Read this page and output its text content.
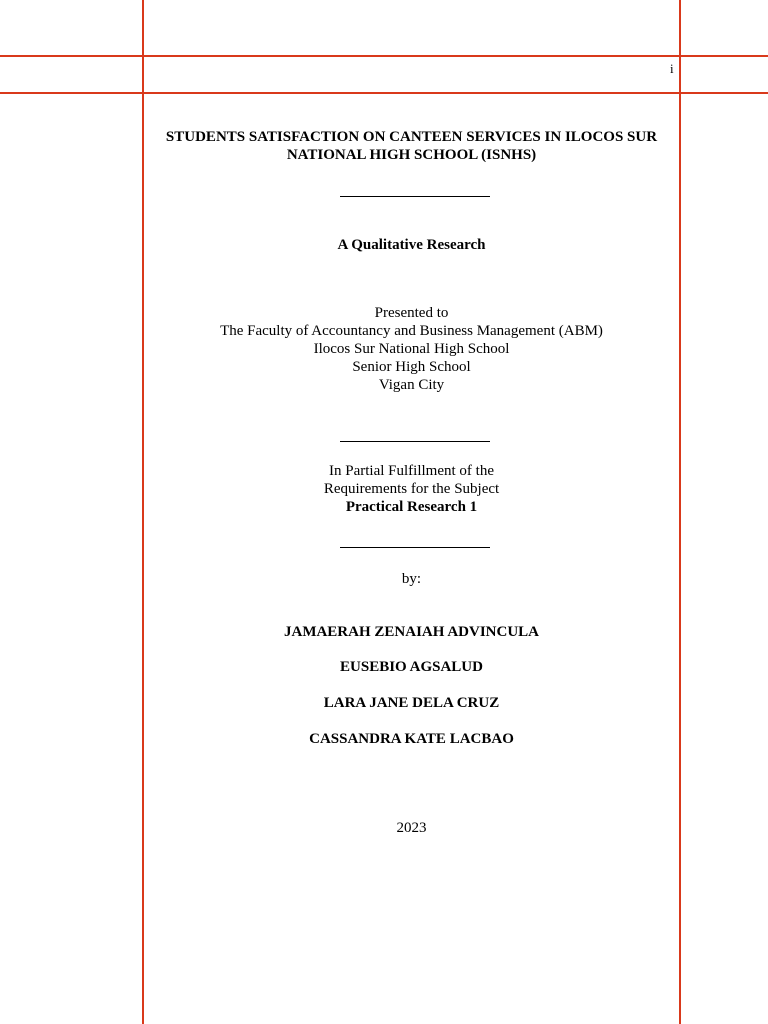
i
STUDENTS SATISFACTION ON CANTEEN SERVICES IN ILOCOS SUR
NATIONAL HIGH SCHOOL (ISNHS)
A Qualitative Research
Presented to
The Faculty of Accountancy and Business Management (ABM)
Ilocos Sur National High School
Senior High School
Vigan City
In Partial Fulfillment of the
Requirements for the Subject
Practical Research 1
by:
JAMAERAH ZENAIAH ADVINCULA
EUSEBIO AGSALUD
LARA JANE DELA CRUZ
CASSANDRA KATE LACBAO
2023
